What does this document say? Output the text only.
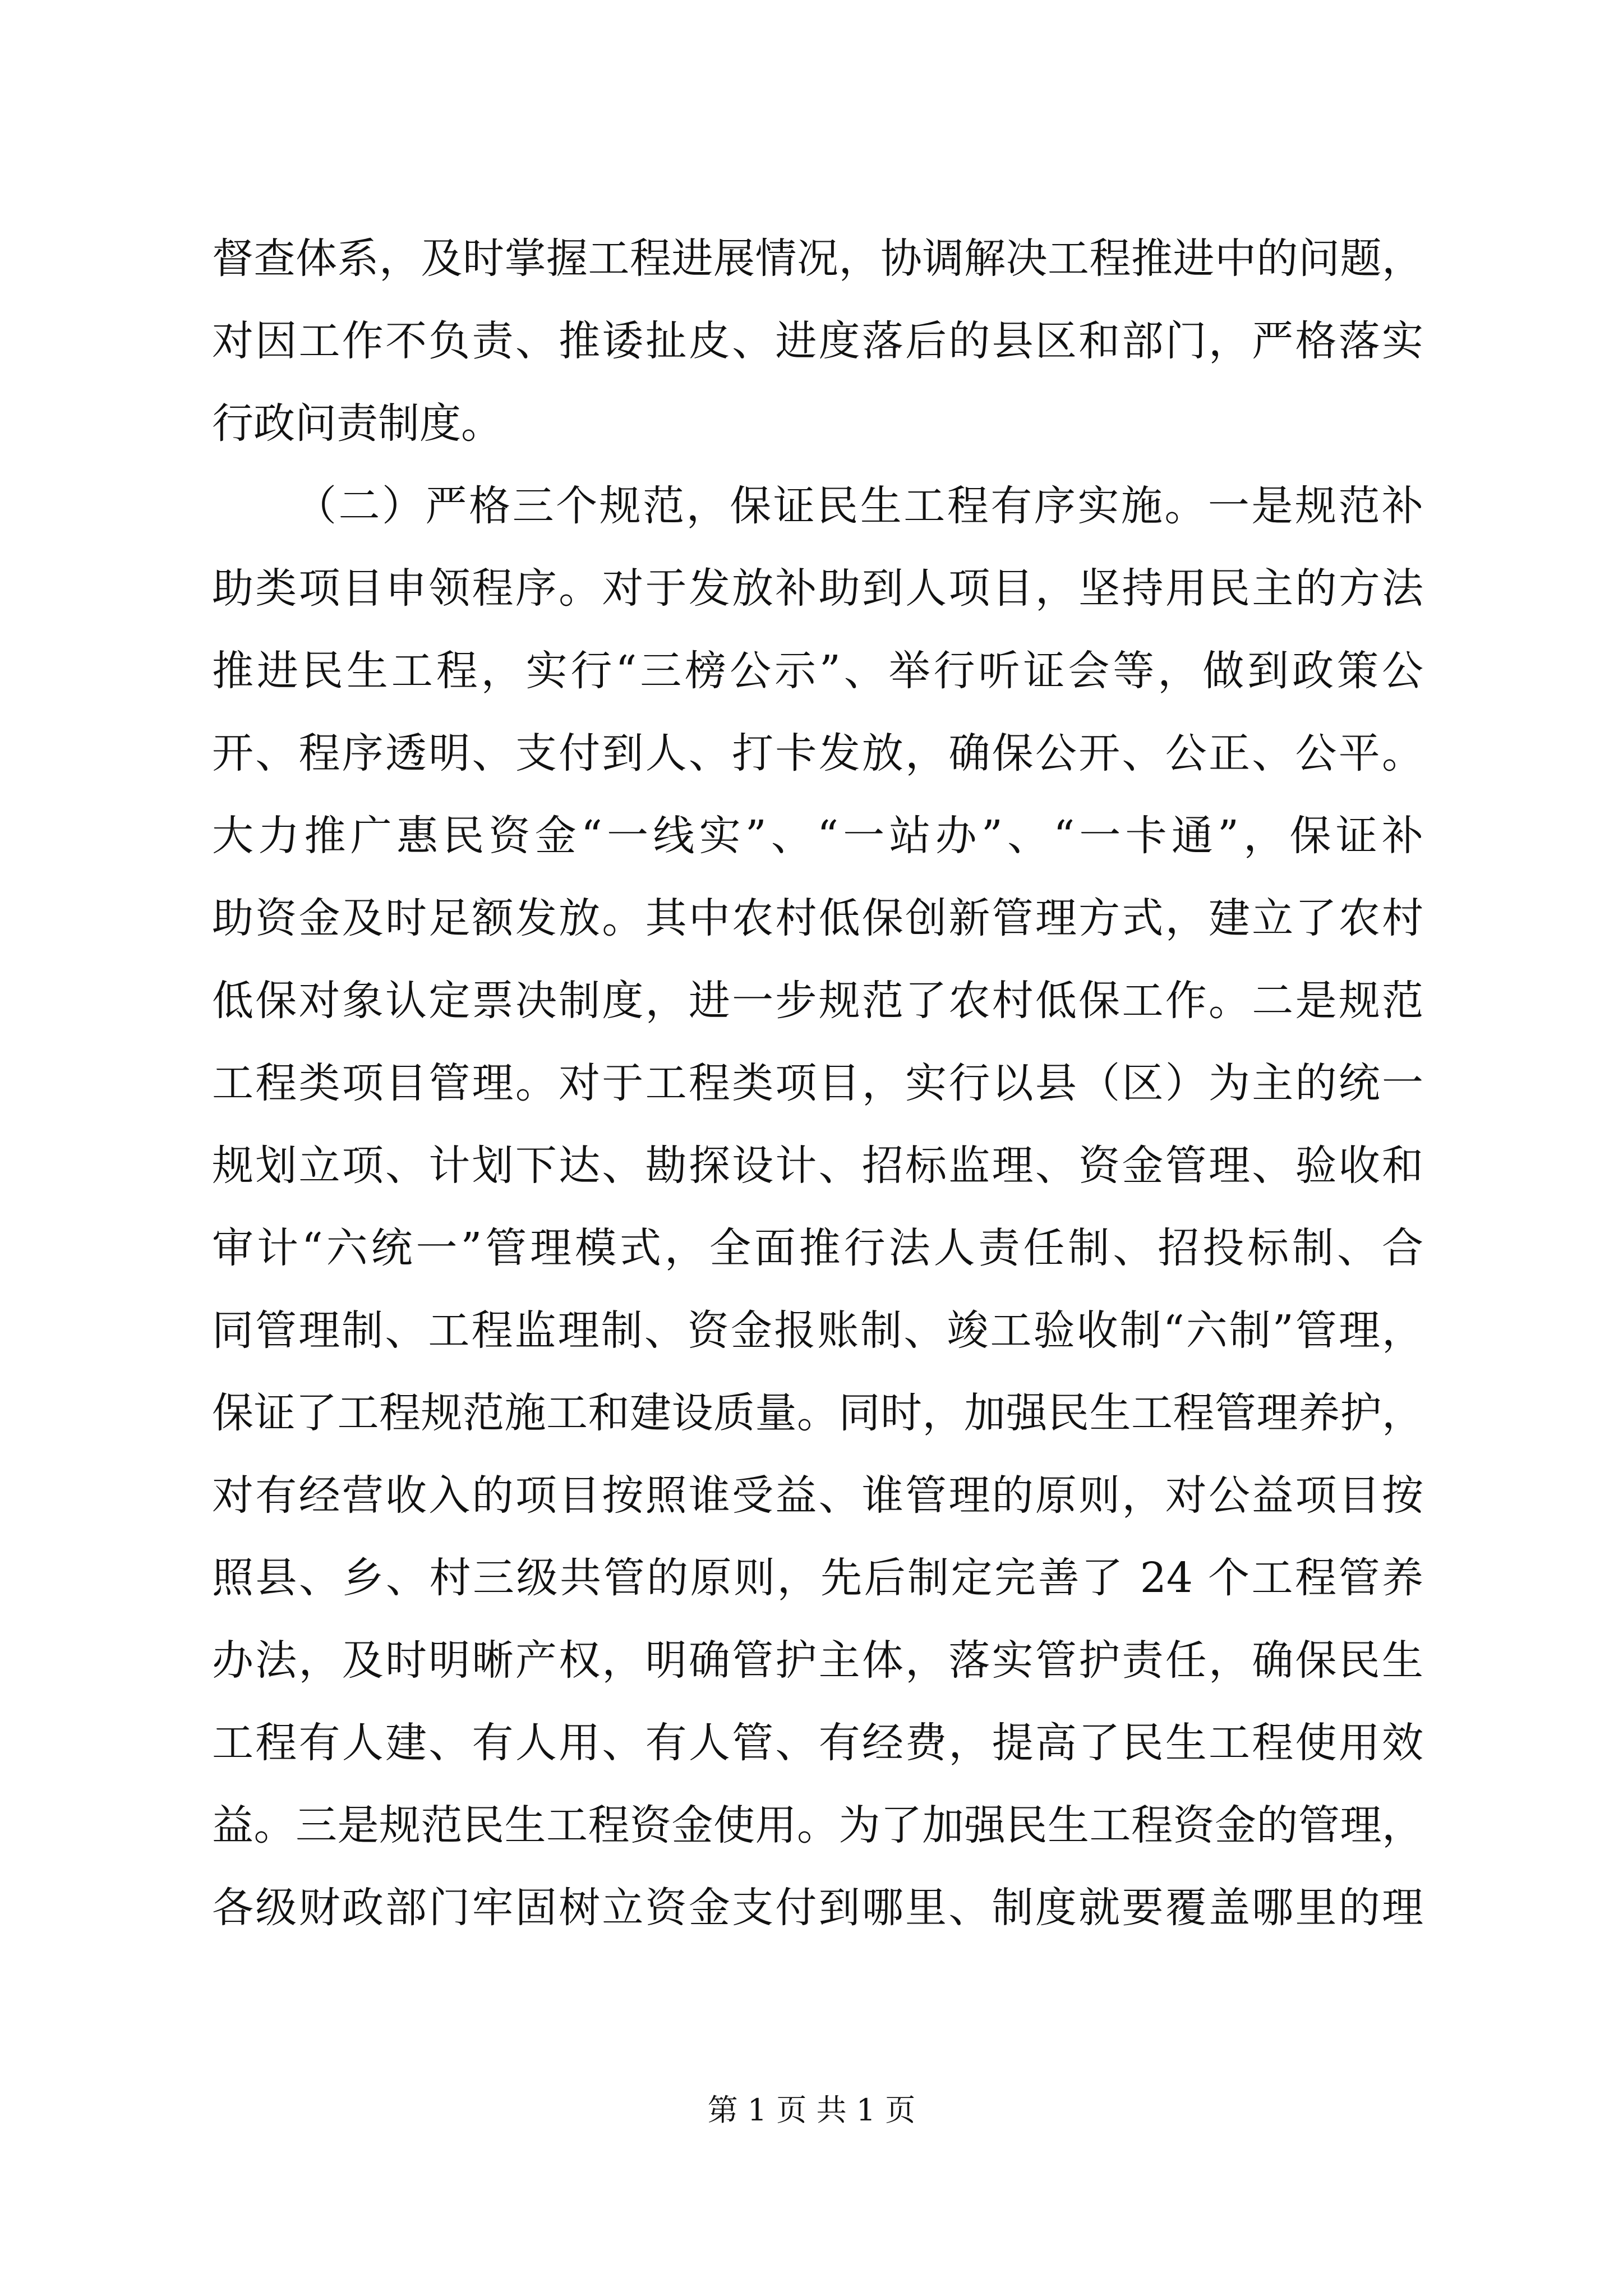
督查体系，及时掌握工程进展情况，协调解决工程推进中的问题，
对因工作不负责、推诿扯皮、进度落后的县区和部门，严格落实
行政问责制度。
（二）严格三个规范，保证民生工程有序实施。一是规范补
助类项目申领程序。对于发放补助到人项目，坚持用民主的方法
推进民生工程，实行“三榜公示”、举行听证会等，做到政策公
开、程序透明、支付到人、打卡发放，确保公开、公正、公平。
大力推广惠民资金“一线实”、“一站办”、“一卡通”，保证补
助资金及时足额发放。其中农村低保创新管理方式，建立了农村
低保对象认定票决制度，进一步规范了农村低保工作。二是规范
工程类项目管理。对于工程类项目，实行以县（区）为主的统一
规划立项、计划下达、勘探设计、招标监理、资金管理、验收和
审计“六统一”管理模式，全面推行法人责任制、招投标制、合
同管理制、工程监理制、资金报账制、竣工验收制“六制”管理，
保证了工程规范施工和建设质量。同时，加强民生工程管理养护，
对有经营收入的项目按照谁受益、谁管理的原则，对公益项目按
照县、乡、村三级共管的原则，先后制定完善了 24 个工程管养
办法，及时明晰产权，明确管护主体，落实管护责任，确保民生
工程有人建、有人用、有人管、有经费，提高了民生工程使用效
益。三是规范民生工程资金使用。为了加强民生工程资金的管理，
各级财政部门牢固树立资金支付到哪里、制度就要覆盖哪里的理
第 1 页 共 1 页
